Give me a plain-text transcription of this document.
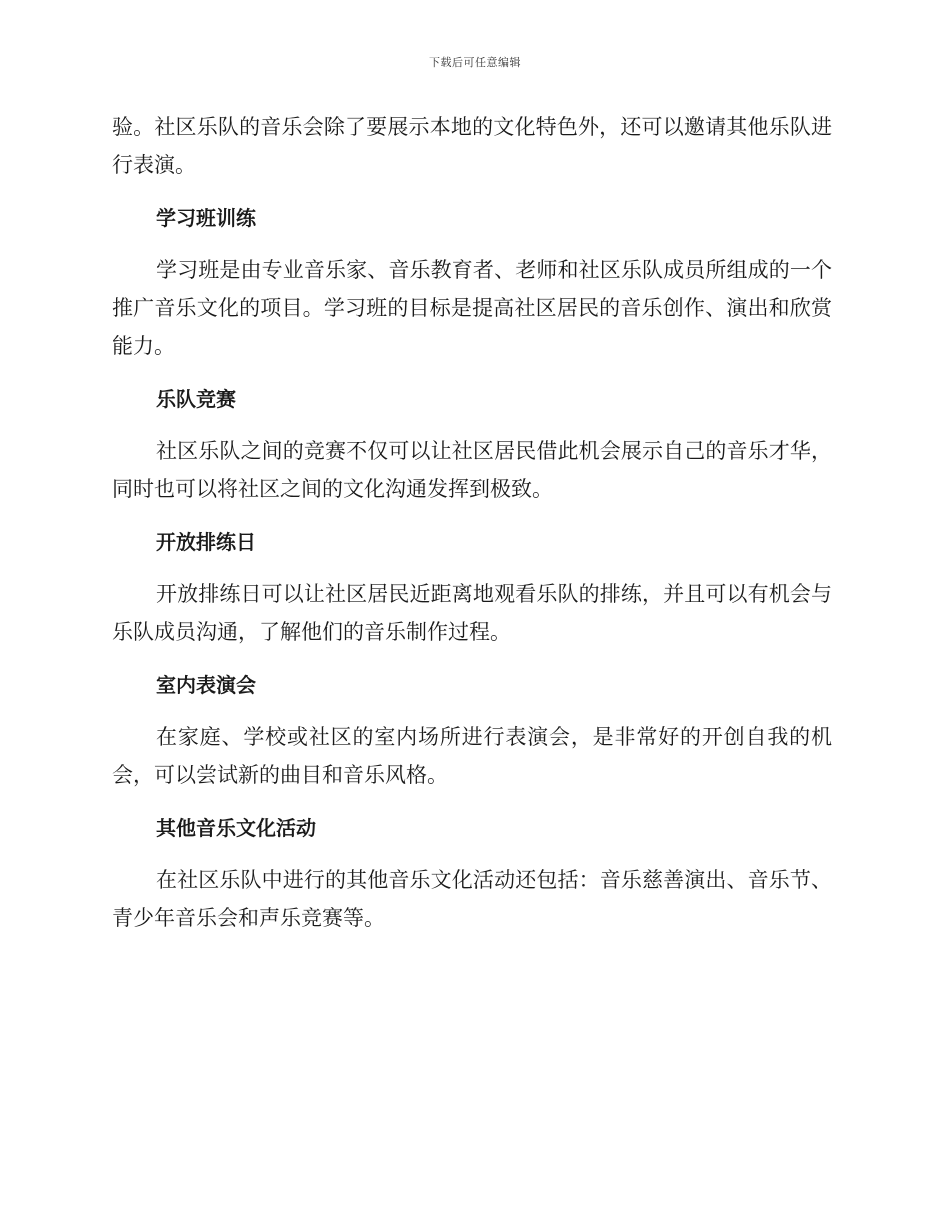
下载后可任意编辑

验。社区乐队的音乐会除了要展示本地的文化特色外，还可以邀请其他乐队进行表演。

学习班训练

学习班是由专业音乐家、音乐教育者、老师和社区乐队成员所组成的一个推广音乐文化的项目。学习班的目标是提高社区居民的音乐创作、演出和欣赏能力。

乐队竞赛

社区乐队之间的竞赛不仅可以让社区居民借此机会展示自己的音乐才华，同时也可以将社区之间的文化沟通发挥到极致。

开放排练日

开放排练日可以让社区居民近距离地观看乐队的排练，并且可以有机会与乐队成员沟通，了解他们的音乐制作过程。

室内表演会

在家庭、学校或社区的室内场所进行表演会，是非常好的开创自我的机会，可以尝试新的曲目和音乐风格。

其他音乐文化活动

在社区乐队中进行的其他音乐文化活动还包括：音乐慈善演出、音乐节、青少年音乐会和声乐竞赛等。
